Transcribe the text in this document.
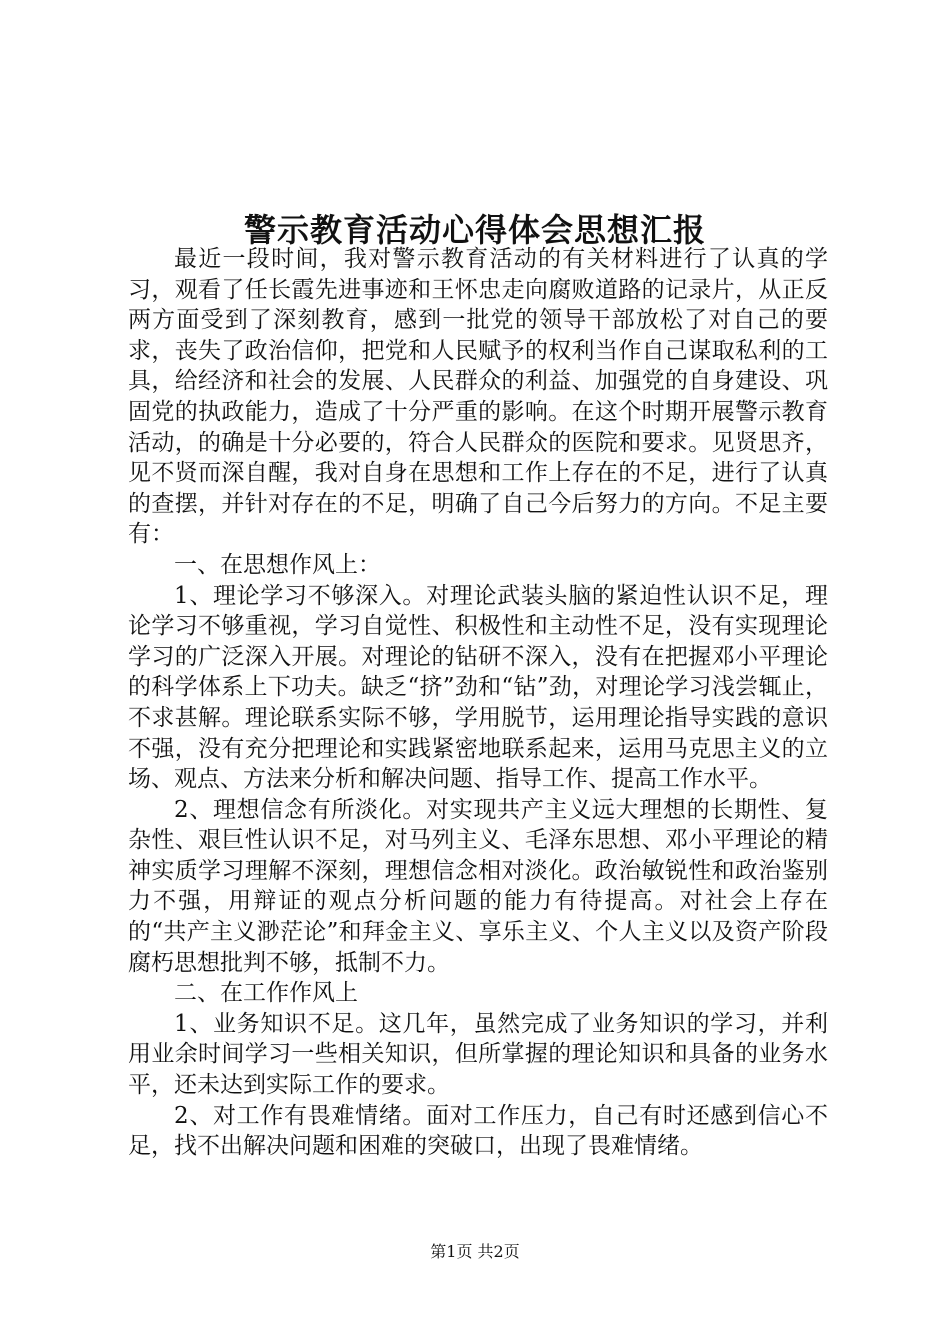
警示教育活动心得体会思想汇报

最近一段时间，我对警示教育活动的有关材料进行了认真的学习，观看了任长霞先进事迹和王怀忠走向腐败道路的记录片，从正反两方面受到了深刻教育，感到一批党的领导干部放松了对自己的要求，丧失了政治信仰，把党和人民赋予的权利当作自己谋取私利的工具，给经济和社会的发展、人民群众的利益、加强党的自身建设、巩固党的执政能力，造成了十分严重的影响。在这个时期开展警示教育活动，的确是十分必要的，符合人民群众的医院和要求。见贤思齐，见不贤而深自醒，我对自身在思想和工作上存在的不足，进行了认真的查摆，并针对存在的不足，明确了自己今后努力的方向。不足主要有：

一、在思想作风上：

1、理论学习不够深入。对理论武装头脑的紧迫性认识不足，理论学习不够重视，学习自觉性、积极性和主动性不足，没有实现理论学习的广泛深入开展。对理论的钻研不深入，没有在把握邓小平理论的科学体系上下功夫。缺乏“挤”劲和“钻”劲，对理论学习浅尝辄止，不求甚解。理论联系实际不够，学用脱节，运用理论指导实践的意识不强，没有充分把理论和实践紧密地联系起来，运用马克思主义的立场、观点、方法来分析和解决问题、指导工作、提高工作水平。

2、理想信念有所淡化。对实现共产主义远大理想的长期性、复杂性、艰巨性认识不足，对马列主义、毛泽东思想、邓小平理论的精神实质学习理解不深刻，理想信念相对淡化。政治敏锐性和政治鉴别力不强，用辩证的观点分析问题的能力有待提高。对社会上存在的“共产主义渺茫论”和拜金主义、享乐主义、个人主义以及资产阶段腐朽思想批判不够，抵制不力。

二、在工作作风上

1、业务知识不足。这几年，虽然完成了业务知识的学习，并利用业余时间学习一些相关知识，但所掌握的理论知识和具备的业务水平，还未达到实际工作的要求。

2、对工作有畏难情绪。面对工作压力，自己有时还感到信心不足，找不出解决问题和困难的突破口，出现了畏难情绪。

第1页 共2页
